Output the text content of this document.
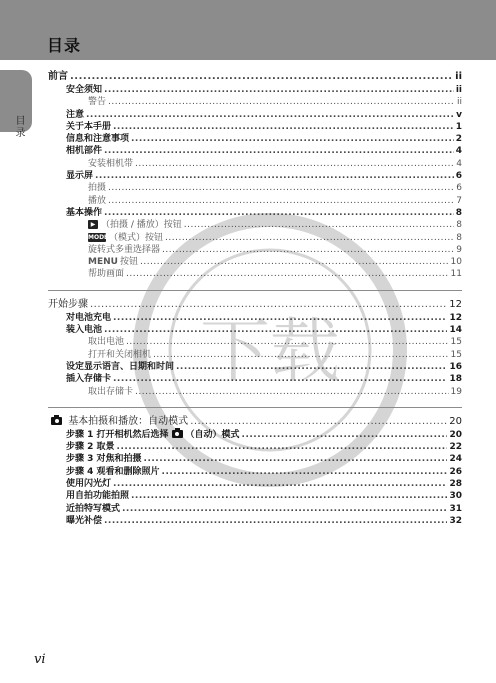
目录
目录
下载
前言 .....	ii
安全须知 .....	ii
警告 .....	ii
注意 .....	v
关于本手册 .....	1
信息和注意事项 .....	2
相机部件 .....	4
安装相机带 .....	4
显示屏 .....	6
拍摄 .....	6
播放 .....	7
基本操作 .....	8
▶ （拍摄 / 播放）按钮 .....	8
MODE（模式）按钮 .....	8
旋转式多重选择器 .....	9
MENU 按钮 .....	10
帮助画面 .....	11
开始步骤 .....	12
对电池充电 .....	12
装入电池 .....	14
取出电池 .....	15
打开和关闭相机 .....	15
设定显示语言、日期和时间 .....	16
插入存储卡 .....	18
取出存储卡 .....	19
基本拍摄和播放：自动模式 .....	20
步骤 1 打开相机然后选择 （自动）模式 .....	20
步骤 2 取景 .....	22
步骤 3 对焦和拍摄 .....	24
步骤 4 观看和删除照片 .....	26
使用闪光灯 .....	28
用自拍功能拍照 .....	30
近拍特写模式 .....	31
曝光补偿 .....	32
vi
